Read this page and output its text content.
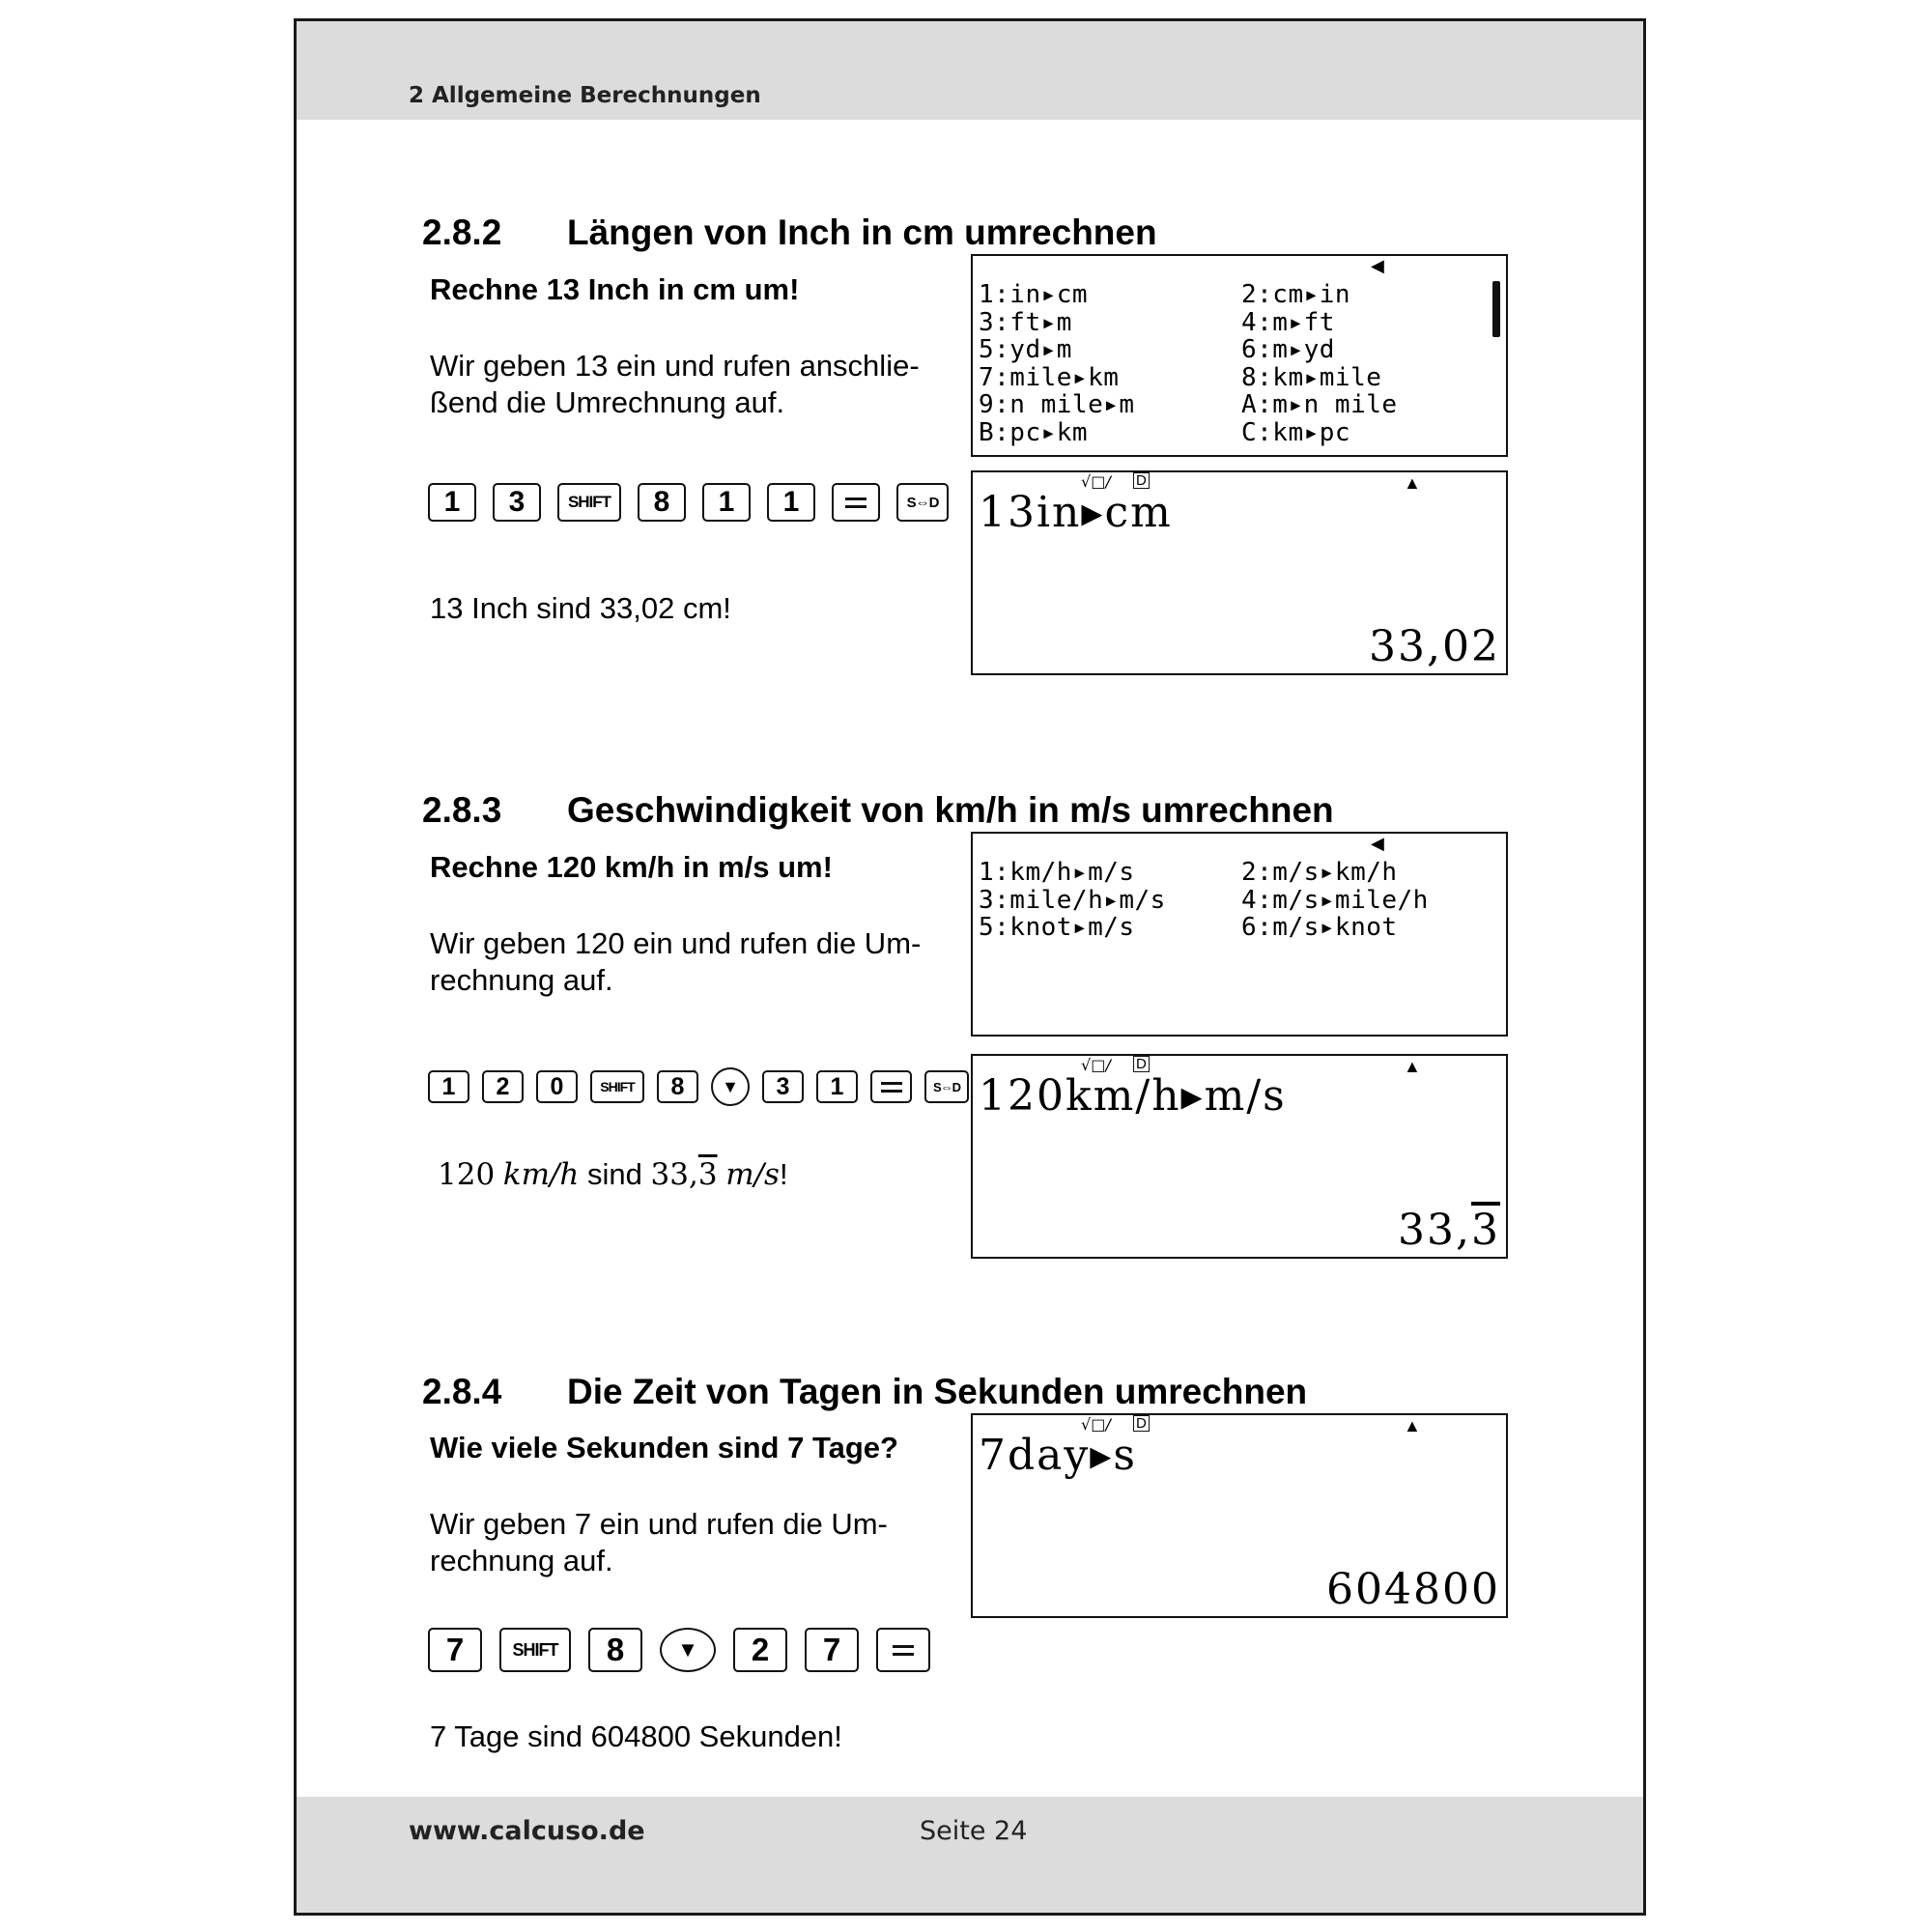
2 Allgemeine Berechnungen
2.8.2 Längen von Inch in cm umrechnen
Rechne 13 Inch in cm um!
Wir geben 13 ein und rufen anschlie-
ßend die Umrechnung auf.
◀
1:in▸cm	2:cm▸in
3:ft▸m	4:m▸ft
5:yd▸m	6:m▸yd
7:mile▸km	8:km▸mile
9:n mile▸m	A:m▸n mile
B:pc▸km	C:km▸pc
1	3	SHIFT	8	1	1	S⇔D
13 Inch sind 33,02 cm!
√□/ D	▲
13in▸cm
33,02
2.8.3 Geschwindigkeit von km/h in m/s umrechnen
Rechne 120 km/h in m/s um!
Wir geben 120 ein und rufen die Um-
rechnung auf.
◀
1:km/h▸m/s	2:m/s▸km/h
3:mile/h▸m/s	4:m/s▸mile/h
5:knot▸m/s	6:m/s▸knot
1	2	0	SHIFT	8	▼	3	1	S⇔D
120 km/h sind 33,3 m/s!
√□/ D	▲
120km/h▸m/s
33,3
2.8.4 Die Zeit von Tagen in Sekunden umrechnen
Wie viele Sekunden sind 7 Tage?
Wir geben 7 ein und rufen die Um-
rechnung auf.
√□/ D	▲
7day▸s
604800
7	SHIFT	8	▼	2	7
7 Tage sind 604800 Sekunden!
www.calcuso.de	Seite 24
